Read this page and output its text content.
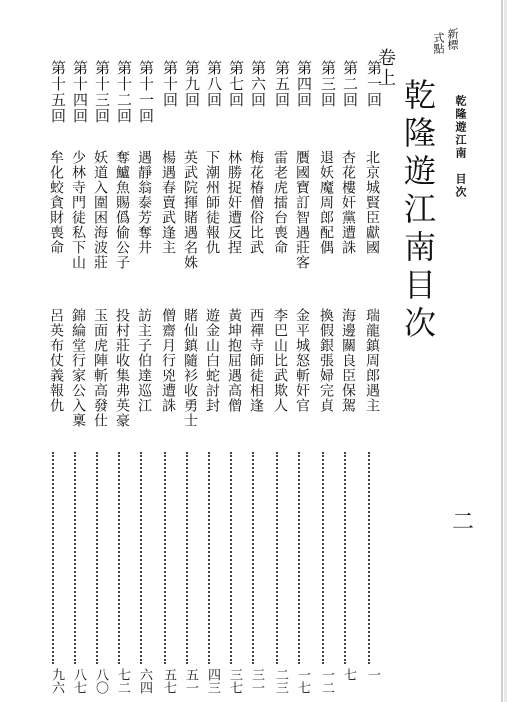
乾隆遊江南　目次
新標
式點
乾隆遊江南目次
卷上
二
第一回
北京城賢臣獻國
瑞龍鎮周郎遇主
一
第二回
杏花樓奸黨遭誅
海邊關良臣保駕
七
第三回
退妖魔周郎配偶
換假銀張婦完貞
一二
第四回
贋國寶訂智遇莊客
金平城怒斬奸官
一七
第五回
雷老虎擂台喪命
李巴山比武欺人
二三
第六回
梅花椿僧俗比武
西禪寺師徒相逢
三一
第七回
林勝捉奸遭反捏
黃坤抱屈遇高僧
三七
第八回
下潮州師徒報仇
遊金山白蛇討封
四三
第九回
英武院揮賭遇名姝
賭仙鎮隨衫收勇士
五一
第十回
楊遇春賣武逢主
僧齋月行兇遭誅
五七
第十一回
遇靜翁泰芳奪井
訪主子伯達巡江
六四
第十二回
奪鱸魚賜僞偷公子
投村莊收集弗英豪
七二
第十三回
妖道入圍困海波莊
玉面虎陣斬高發仕
八〇
第十四回
少林寺門徒私下山
錦綸堂行家公入稟
八七
第十五回
牟化蛟貪財喪命
呂英布仗義報仇
九六
